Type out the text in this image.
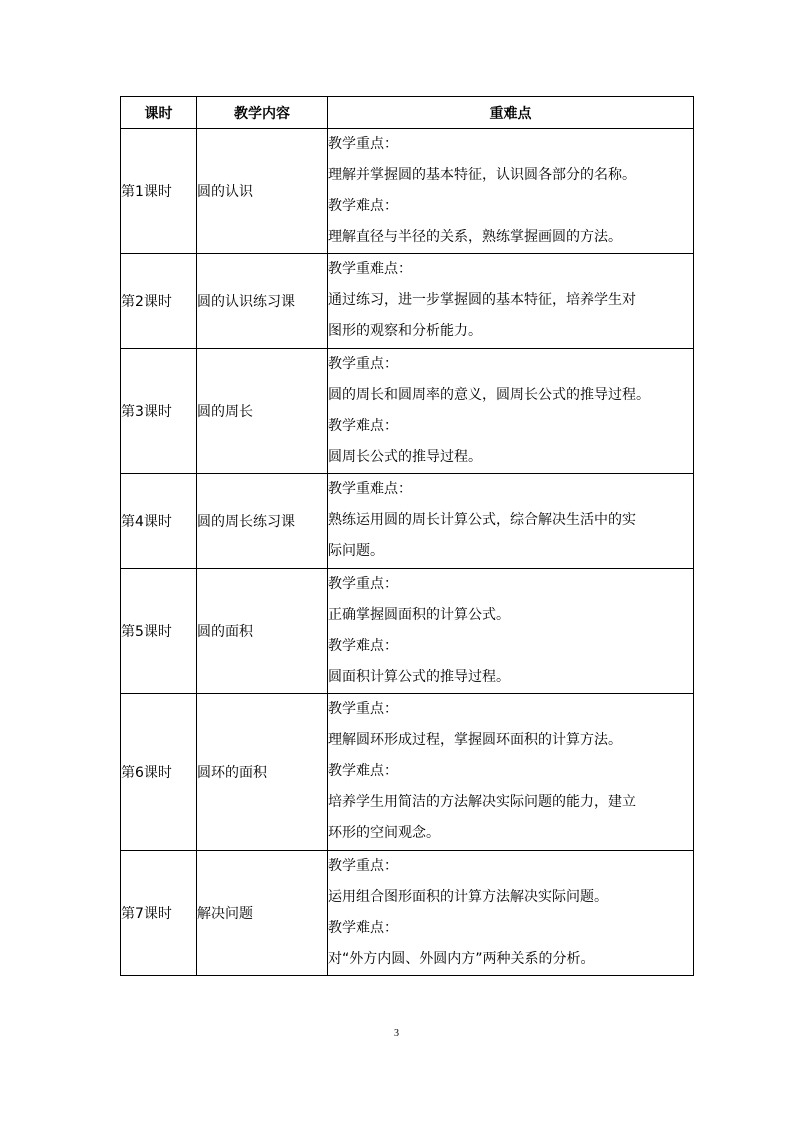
课时	教学内容	重难点
第1课时	圆的认识	教学重点：
理解并掌握圆的基本特征，认识圆各部分的名称。
教学难点：
理解直径与半径的关系，熟练掌握画圆的方法。

第2课时	圆的认识练习课	教学重难点：
通过练习，进一步掌握圆的基本特征，培养学生对
图形的观察和分析能力。

第3课时	圆的周长	教学重点：
圆的周长和圆周率的意义，圆周长公式的推导过程。
教学难点：
圆周长公式的推导过程。

第4课时	圆的周长练习课	教学重难点：
熟练运用圆的周长计算公式，综合解决生活中的实
际问题。

第5课时	圆的面积	教学重点：
正确掌握圆面积的计算公式。
教学难点：
圆面积计算公式的推导过程。

第6课时	圆环的面积	教学重点：
理解圆环形成过程，掌握圆环面积的计算方法。
教学难点：
培养学生用简洁的方法解决实际问题的能力，建立
环形的空间观念。

第7课时	解决问题	教学重点：
运用组合图形面积的计算方法解决实际问题。
教学难点：
对“外方内圆、外圆内方”两种关系的分析。
3
